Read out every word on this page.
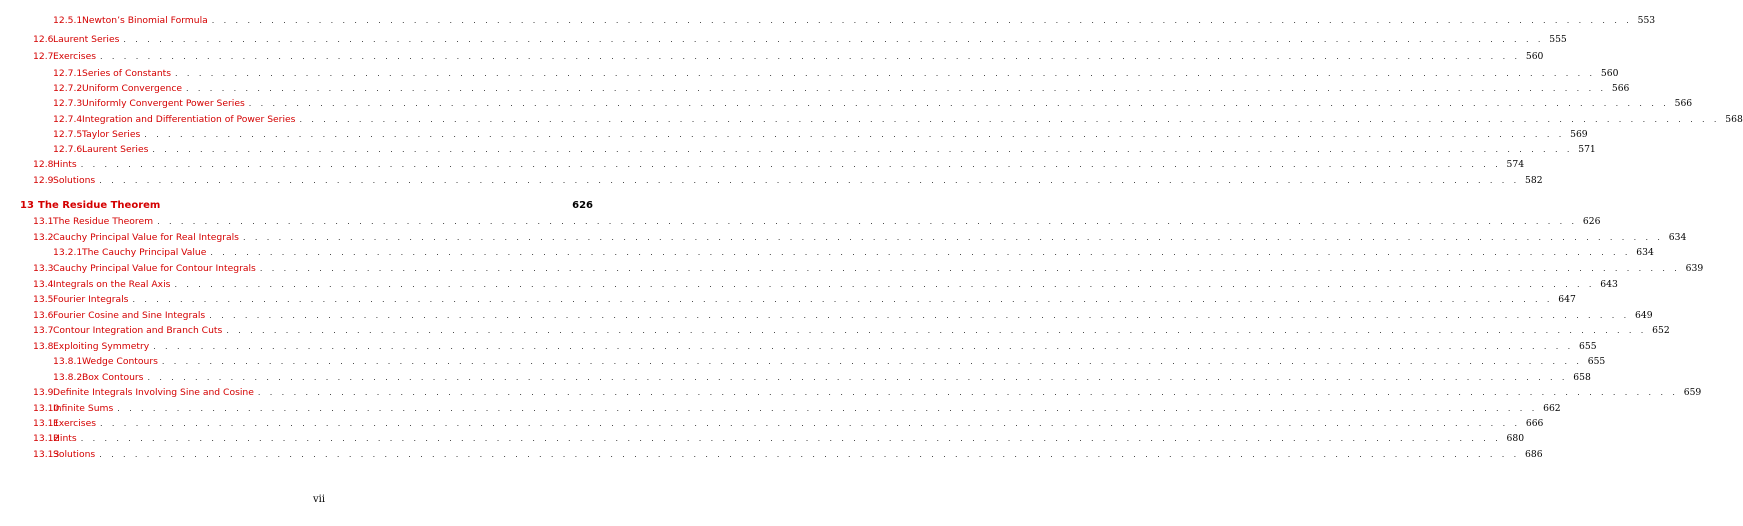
12.5.1 Newton’s Binomial Formula . . . . . . . . . . . . . . . . . . . . . . . . . . . . . . . . . . . . . . . . . . . . . . . . . . . . . . . . . . . . . . . . . . . . . . . . . . . . . . . . . . . . . . . . . . . . . . . . . . . . . . . . . . . . . . . . . . . . . . . . 553
12.6 Laurent Series . . . . . . . . . . . . . . . . . . . . . . . . . . . . . . . . . . . . . . . . . . . . . . . . . . . . . . . . . . . . . . . . . . . . . . . . . . . . . . . . . . . . . . . . . . . . . . . . . . . . . . . . . . . . . . . . . . . . . . . . 555
12.7 Exercises . . . . . . . . . . . . . . . . . . . . . . . . . . . . . . . . . . . . . . . . . . . . . . . . . . . . . . . . . . . . . . . . . . . . . . . . . . . . . . . . . . . . . . . . . . . . . . . . . . . . . . . . . . . . . . . . . . . . . . . . 560
12.7.1 Series of Constants . . . . . . . . . . . . . . . . . . . . . . . . . . . . . . . . . . . . . . . . . . . . . . . . . . . . . . . . . . . . . . . . . . . . . . . . . . . . . . . . . . . . . . . . . . . . . . . . . . . . . . . . . . . . . . . . . . . . . . . . 560
12.7.2 Uniform Convergence . . . . . . . . . . . . . . . . . . . . . . . . . . . . . . . . . . . . . . . . . . . . . . . . . . . . . . . . . . . . . . . . . . . . . . . . . . . . . . . . . . . . . . . . . . . . . . . . . . . . . . . . . . . . . . . . . . . . . . . . 566
12.7.3 Uniformly Convergent Power Series . . . . . . . . . . . . . . . . . . . . . . . . . . . . . . . . . . . . . . . . . . . . . . . . . . . . . . . . . . . . . . . . . . . . . . . . . . . . . . . . . . . . . . . . . . . . . . . . . . . . . . . . . . . . . . . . . . . . . . . . 566
12.7.4 Integration and Differentiation of Power Series . . . . . . . . . . . . . . . . . . . . . . . . . . . . . . . . . . . . . . . . . . . . . . . . . . . . . . . . . . . . . . . . . . . . . . . . . . . . . . . . . . . . . . . . . . . . . . . . . . . . . . . . . . . . . . . . . . . . . . . . 568
12.7.5 Taylor Series . . . . . . . . . . . . . . . . . . . . . . . . . . . . . . . . . . . . . . . . . . . . . . . . . . . . . . . . . . . . . . . . . . . . . . . . . . . . . . . . . . . . . . . . . . . . . . . . . . . . . . . . . . . . . . . . . . . . . . . . 569
12.7.6 Laurent Series . . . . . . . . . . . . . . . . . . . . . . . . . . . . . . . . . . . . . . . . . . . . . . . . . . . . . . . . . . . . . . . . . . . . . . . . . . . . . . . . . . . . . . . . . . . . . . . . . . . . . . . . . . . . . . . . . . . . . . . . 571
12.8 Hints . . . . . . . . . . . . . . . . . . . . . . . . . . . . . . . . . . . . . . . . . . . . . . . . . . . . . . . . . . . . . . . . . . . . . . . . . . . . . . . . . . . . . . . . . . . . . . . . . . . . . . . . . . . . . . . . . . . . . . . . 574
12.9 Solutions . . . . . . . . . . . . . . . . . . . . . . . . . . . . . . . . . . . . . . . . . . . . . . . . . . . . . . . . . . . . . . . . . . . . . . . . . . . . . . . . . . . . . . . . . . . . . . . . . . . . . . . . . . . . . . . . . . . . . . . . 582
13 The Residue Theorem	626
13.1 The Residue Theorem . . . . . . . . . . . . . . . . . . . . . . . . . . . . . . . . . . . . . . . . . . . . . . . . . . . . . . . . . . . . . . . . . . . . . . . . . . . . . . . . . . . . . . . . . . . . . . . . . . . . . . . . . . . . . . . . . . . . . . . . 626
13.2 Cauchy Principal Value for Real Integrals . . . . . . . . . . . . . . . . . . . . . . . . . . . . . . . . . . . . . . . . . . . . . . . . . . . . . . . . . . . . . . . . . . . . . . . . . . . . . . . . . . . . . . . . . . . . . . . . . . . . . . . . . . . . . . . . . . . . . . . . 634
13.2.1 The Cauchy Principal Value . . . . . . . . . . . . . . . . . . . . . . . . . . . . . . . . . . . . . . . . . . . . . . . . . . . . . . . . . . . . . . . . . . . . . . . . . . . . . . . . . . . . . . . . . . . . . . . . . . . . . . . . . . . . . . . . . . . . . . . . 634
13.3 Cauchy Principal Value for Contour Integrals . . . . . . . . . . . . . . . . . . . . . . . . . . . . . . . . . . . . . . . . . . . . . . . . . . . . . . . . . . . . . . . . . . . . . . . . . . . . . . . . . . . . . . . . . . . . . . . . . . . . . . . . . . . . . . . . . . . . . . . . 639
13.4 Integrals on the Real Axis . . . . . . . . . . . . . . . . . . . . . . . . . . . . . . . . . . . . . . . . . . . . . . . . . . . . . . . . . . . . . . . . . . . . . . . . . . . . . . . . . . . . . . . . . . . . . . . . . . . . . . . . . . . . . . . . . . . . . . . . 643
13.5 Fourier Integrals . . . . . . . . . . . . . . . . . . . . . . . . . . . . . . . . . . . . . . . . . . . . . . . . . . . . . . . . . . . . . . . . . . . . . . . . . . . . . . . . . . . . . . . . . . . . . . . . . . . . . . . . . . . . . . . . . . . . . . . . 647
13.6 Fourier Cosine and Sine Integrals . . . . . . . . . . . . . . . . . . . . . . . . . . . . . . . . . . . . . . . . . . . . . . . . . . . . . . . . . . . . . . . . . . . . . . . . . . . . . . . . . . . . . . . . . . . . . . . . . . . . . . . . . . . . . . . . . . . . . . . . 649
13.7 Contour Integration and Branch Cuts . . . . . . . . . . . . . . . . . . . . . . . . . . . . . . . . . . . . . . . . . . . . . . . . . . . . . . . . . . . . . . . . . . . . . . . . . . . . . . . . . . . . . . . . . . . . . . . . . . . . . . . . . . . . . . . . . . . . . . . . 652
13.8 Exploiting Symmetry . . . . . . . . . . . . . . . . . . . . . . . . . . . . . . . . . . . . . . . . . . . . . . . . . . . . . . . . . . . . . . . . . . . . . . . . . . . . . . . . . . . . . . . . . . . . . . . . . . . . . . . . . . . . . . . . . . . . . . . . 655
13.8.1 Wedge Contours . . . . . . . . . . . . . . . . . . . . . . . . . . . . . . . . . . . . . . . . . . . . . . . . . . . . . . . . . . . . . . . . . . . . . . . . . . . . . . . . . . . . . . . . . . . . . . . . . . . . . . . . . . . . . . . . . . . . . . . . 655
13.8.2 Box Contours . . . . . . . . . . . . . . . . . . . . . . . . . . . . . . . . . . . . . . . . . . . . . . . . . . . . . . . . . . . . . . . . . . . . . . . . . . . . . . . . . . . . . . . . . . . . . . . . . . . . . . . . . . . . . . . . . . . . . . . . 658
13.9 Definite Integrals Involving Sine and Cosine . . . . . . . . . . . . . . . . . . . . . . . . . . . . . . . . . . . . . . . . . . . . . . . . . . . . . . . . . . . . . . . . . . . . . . . . . . . . . . . . . . . . . . . . . . . . . . . . . . . . . . . . . . . . . . . . . . . . . . . . 659
13.10
Infinite Sums . . . . . . . . . . . . . . . . . . . . . . . . . . . . . . . . . . . . . . . . . . . . . . . . . . . . . . . . . . . . . . . . . . . . . . . . . . . . . . . . . . . . . . . . . . . . . . . . . . . . . . . . . . . . . . . . . . . . . . . . 662
13.11
Exercises . . . . . . . . . . . . . . . . . . . . . . . . . . . . . . . . . . . . . . . . . . . . . . . . . . . . . . . . . . . . . . . . . . . . . . . . . . . . . . . . . . . . . . . . . . . . . . . . . . . . . . . . . . . . . . . . . . . . . . . . 666
13.12
Hints . . . . . . . . . . . . . . . . . . . . . . . . . . . . . . . . . . . . . . . . . . . . . . . . . . . . . . . . . . . . . . . . . . . . . . . . . . . . . . . . . . . . . . . . . . . . . . . . . . . . . . . . . . . . . . . . . . . . . . . . 680
13.13
Solutions . . . . . . . . . . . . . . . . . . . . . . . . . . . . . . . . . . . . . . . . . . . . . . . . . . . . . . . . . . . . . . . . . . . . . . . . . . . . . . . . . . . . . . . . . . . . . . . . . . . . . . . . . . . . . . . . . . . . . . . . 686
vii
